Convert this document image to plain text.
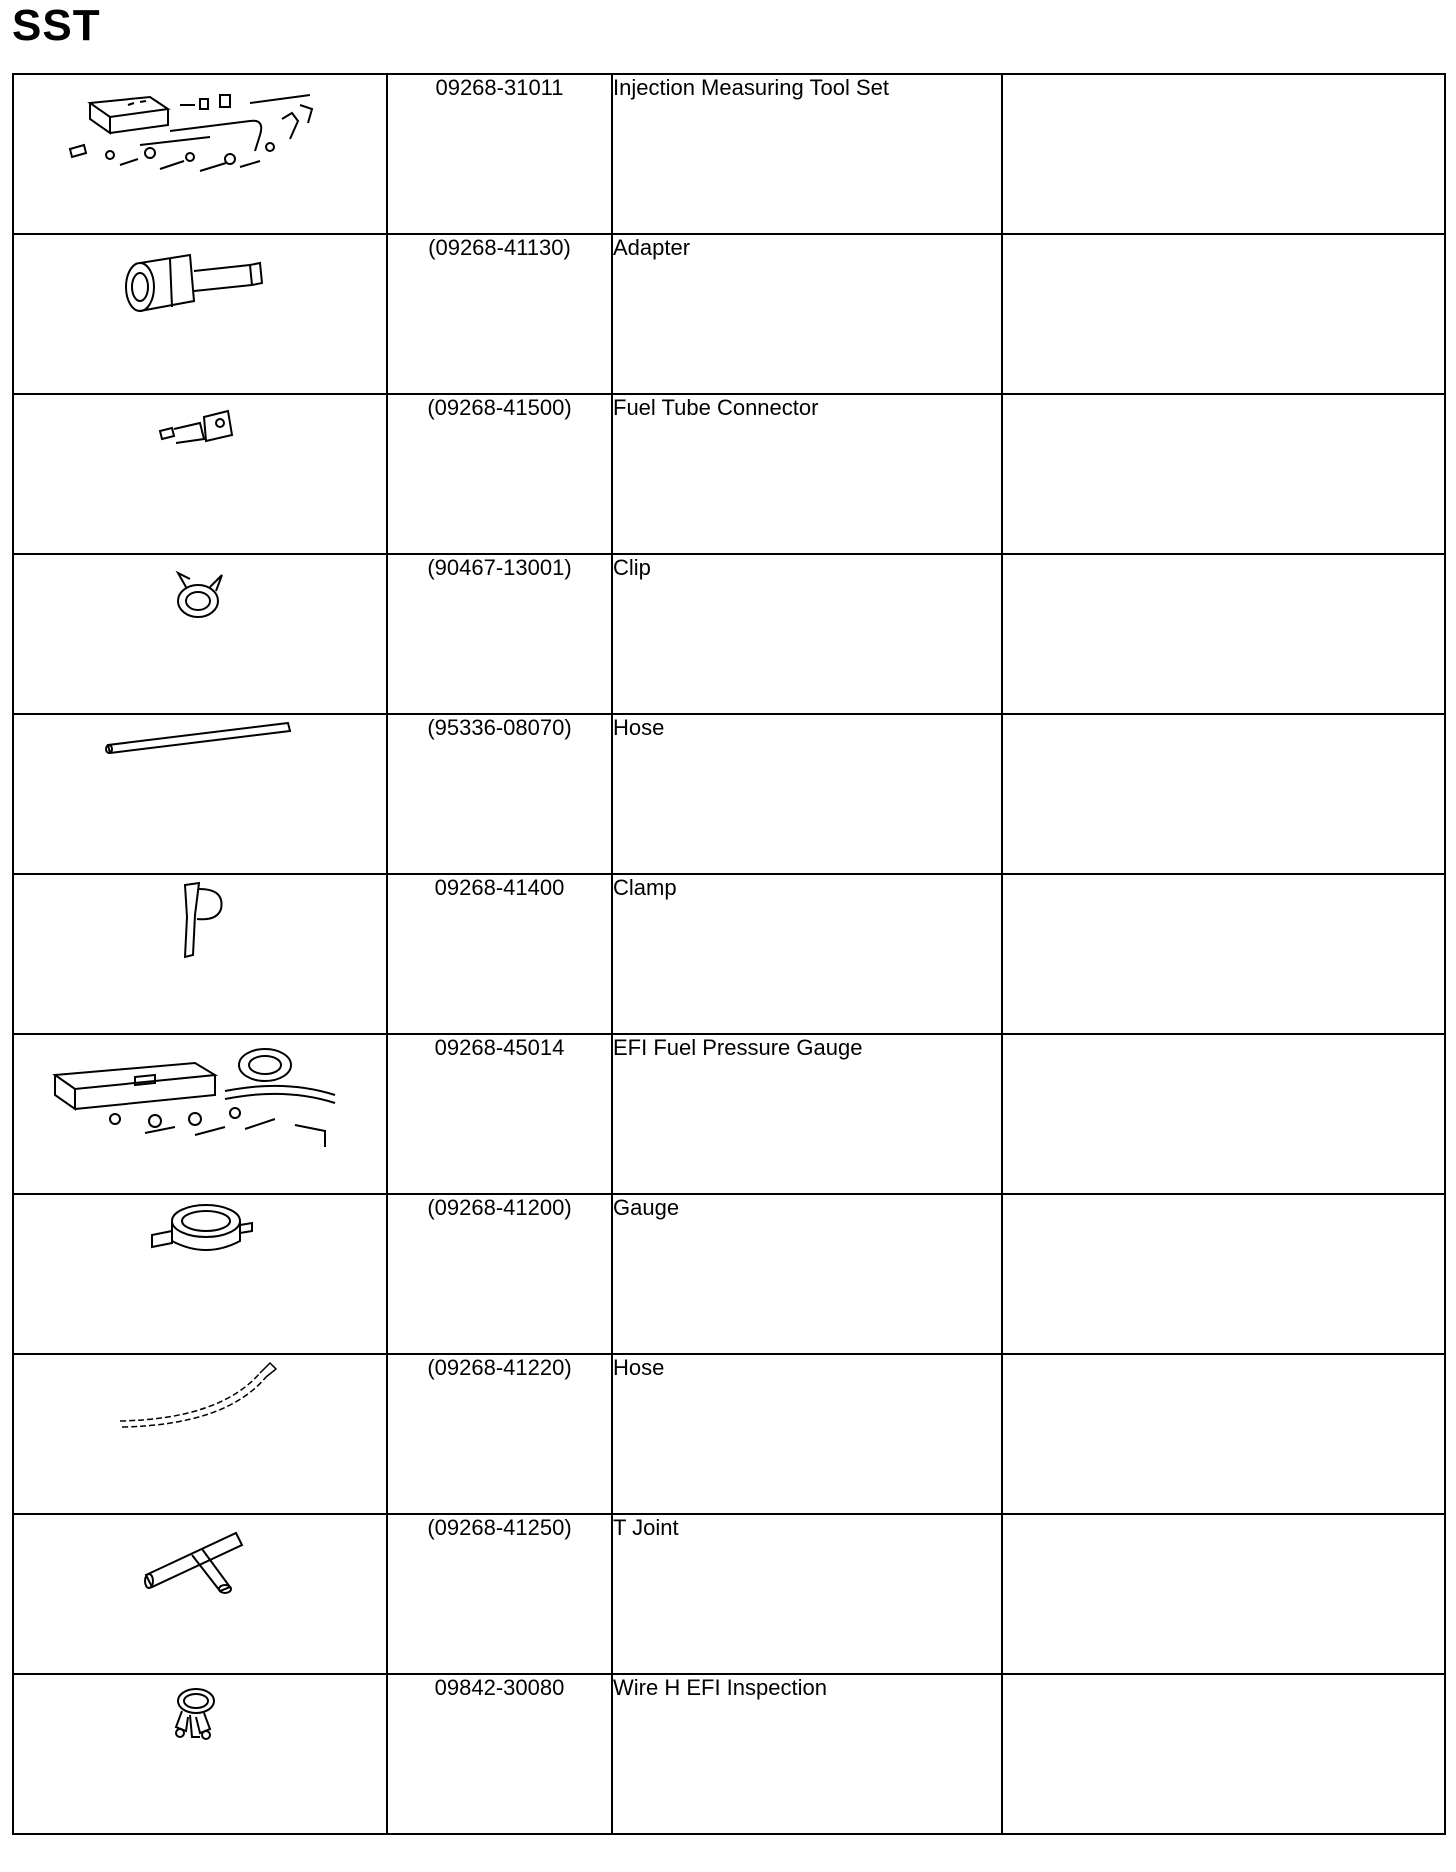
SST
	09268-31011	Injection Measuring Tool Set	

	(09268-41130)	Adapter	

	(09268-41500)	Fuel Tube Connector	

	(90467-13001)	Clip	

	(95336-08070)	Hose	

	09268-41400	Clamp	

	09268-45014	EFI Fuel Pressure Gauge	

	(09268-41200)	Gauge	

	(09268-41220)	Hose	

	(09268-41250)	T Joint	

	09842-30080	Wire H EFI Inspection	
